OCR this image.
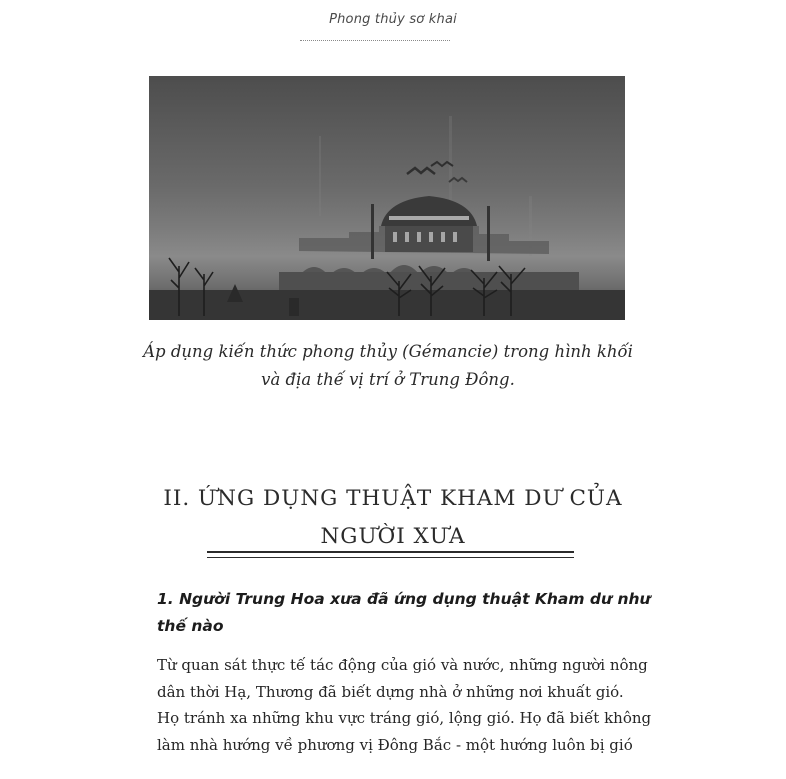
Phong thủy sơ khai
Áp dụng kiến thức phong thủy (Gémancie) trong hình khối
và địa thế vị trí ở Trung Đông.
II. ỨNG DỤNG THUẬT KHAM DƯ CỦA
NGƯỜI XƯA
1. Người Trung Hoa xưa đã ứng dụng thuật Kham dư như
thế nào
Từ quan sát thực tế tác động của gió và nước, những người nông
dân thời Hạ, Thương đã biết dựng nhà ở những nơi khuất gió.
Họ tránh xa những khu vực tráng gió, lộng gió. Họ đã biết không
làm nhà hướng về phương vị Đông Bắc - một hướng luôn bị gió
